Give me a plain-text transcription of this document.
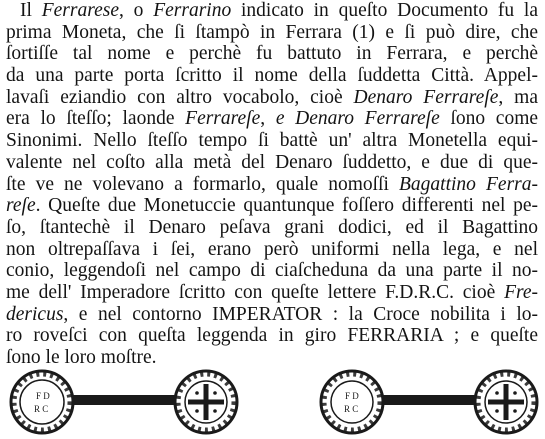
Il Ferrarese, o Ferrarino indicato in queſto Documento fu la
prima Moneta, che ſi ſtampò in Ferrara (1) e ſi può dire, che
ſortiſſe tal nome e perchè fu battuto in Ferrara, e perchè
da una parte porta ſcritto il nome della ſuddetta Città. Appel-
lavaſi eziandio con altro vocabolo, cioè Denaro Ferrareſe, ma
era lo ſteſſo; laonde Ferrareſe, e Denaro Ferrareſe ſono come
Sinonimi. Nello ſteſſo tempo ſi battè un' altra Monetella equi-
valente nel coſto alla metà del Denaro ſuddetto, e due di que-
ſte ve ne volevano a formarlo, quale nomoſſi Bagattino Ferra-
reſe. Queſte due Monetuccie quantunque foſſero differenti nel pe-
ſo, ſtantechè il Denaro peſava grani dodici, ed il Bagattino
non oltrepaſſava i ſei, erano però uniformi nella lega, e nel
conio, leggendoſi nel campo di ciaſcheduna da una parte il no-
me dell' Imperadore ſcritto con queſte lettere F.D.R.C. cioè Fre-
dericus, e nel contorno IMPERATOR : la Croce nobilita i lo-
ro roveſci con queſta leggenda in giro FERRARIA ; e queſte
ſono le loro moſtre.
F D
R C
F D
R C
